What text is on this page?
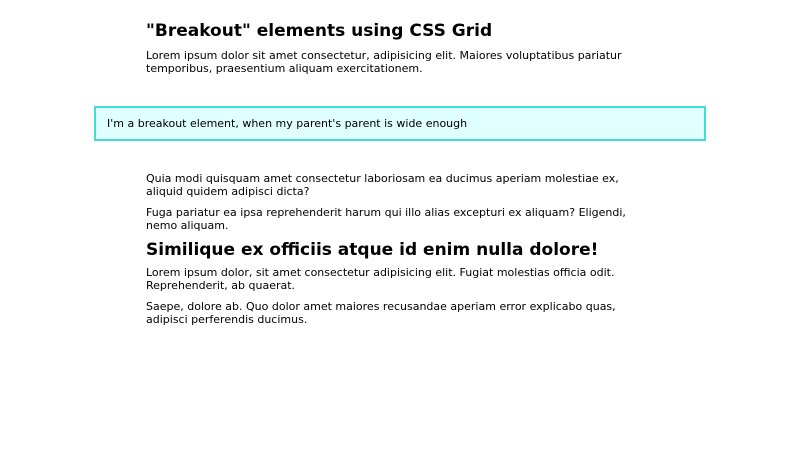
"Breakout" elements using CSS Grid

Lorem ipsum dolor sit amet consectetur, adipisicing elit. Maiores voluptatibus pariatur temporibus, praesentium aliquam exercitationem.

I'm a breakout element, when my parent's parent is wide enough

Quia modi quisquam amet consectetur laboriosam ea ducimus aperiam molestiae ex, aliquid quidem adipisci dicta?

Fuga pariatur ea ipsa reprehenderit harum qui illo alias excepturi ex aliquam? Eligendi, nemo aliquam.

Similique ex officiis atque id enim nulla dolore!

Lorem ipsum dolor, sit amet consectetur adipisicing elit. Fugiat molestias officia odit. Reprehenderit, ab quaerat.

Saepe, dolore ab. Quo dolor amet maiores recusandae aperiam error explicabo quas, adipisci perferendis ducimus.
